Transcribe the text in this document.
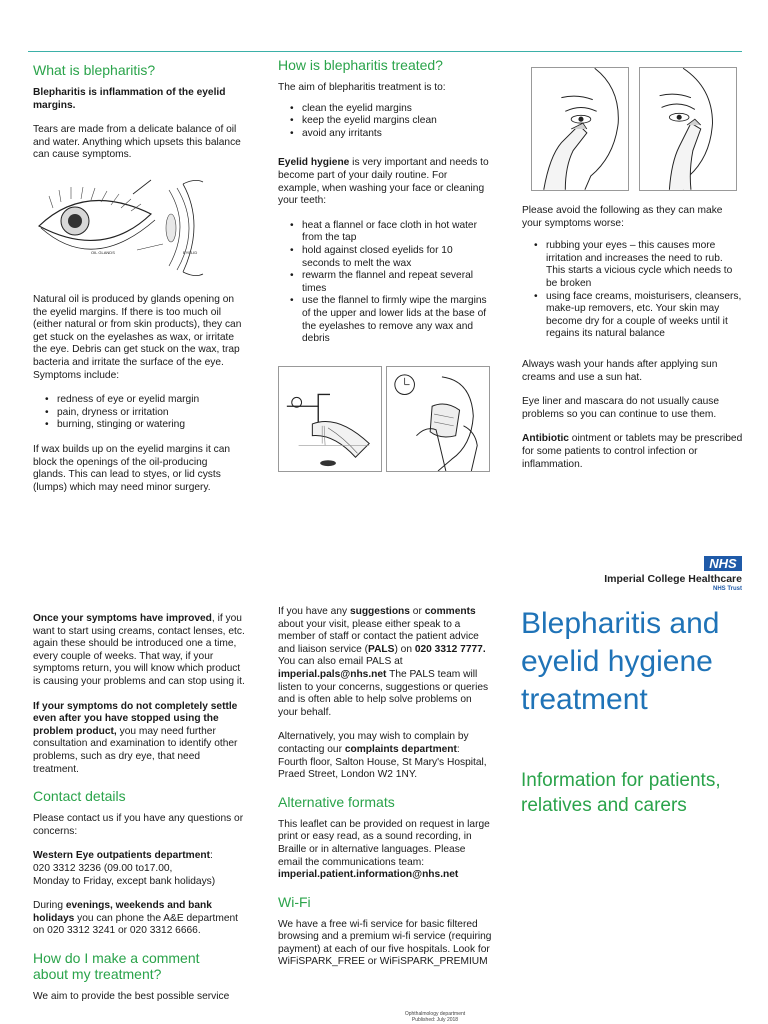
What is blepharitis?

Blepharitis is inflammation of the eyelid margins.

Tears are made from a delicate balance of oil and water. Anything which upsets this balance can cause symptoms.

OIL GLANDS	EYELID

Natural oil is produced by glands opening on the eyelid margins. If there is too much oil (either natural or from skin products), they can get stuck on the eyelashes as wax, or irritate the eye. Debris can get stuck on the wax, trap bacteria and irritate the surface of the eye. Symptoms include:

• redness of eye or eyelid margin
• pain, dryness or irritation
• burning, stinging or watering

If wax builds up on the eyelid margins it can block the openings of the oil-producing glands. This can lead to styes, or lid cysts (lumps) which may need minor surgery.

How is blepharitis treated?

The aim of blepharitis treatment is to:

• clean the eyelid margins
• keep the eyelid margins clean
• avoid any irritants

Eyelid hygiene is very important and needs to become part of your daily routine. For example, when washing your face or cleaning your teeth:

• heat a flannel or face cloth in hot water from the tap
• hold against closed eyelids for 10 seconds to melt the wax
• rewarm the flannel and repeat several times
• use the flannel to firmly wipe the margins of the upper and lower lids at the base of the eyelashes to remove any wax and debris

Please avoid the following as they can make your symptoms worse:

• rubbing your eyes – this causes more irritation and increases the need to rub. This starts a vicious cycle which needs to be broken
• using face creams, moisturisers, cleansers, make-up removers, etc. Your skin may become dry for a couple of weeks until it regains its natural balance

Always wash your hands after applying sun creams and use a sun hat.

Eye liner and mascara do not usually cause problems so you can continue to use them.

Antibiotic ointment or tablets may be prescribed for some patients to control infection or inflammation.

NHS
Imperial College Healthcare
NHS Trust

Once your symptoms have improved, if you want to start using creams, contact lenses, etc. again these should be introduced one a time, every couple of weeks. That way, if your symptoms return, you will know which product is causing your problems and can stop using it.

If your symptoms do not completely settle even after you have stopped using the problem product, you may need further consultation and examination to identify other problems, such as dry eye, that need treatment.

Contact details

Please contact us if you have any questions or concerns:

Western Eye outpatients department:
020 3312 3236 (09.00 to17.00,
Monday to Friday, except bank holidays)

During evenings, weekends and bank holidays you can phone the A&E department on 020 3312 3241 or 020 3312 6666.

How do I make a comment about my treatment?

We aim to provide the best possible service

If you have any suggestions or comments about your visit, please either speak to a member of staff or contact the patient advice and liaison service (PALS) on 020 3312 7777. You can also email PALS at imperial.pals@nhs.net The PALS team will listen to your concerns, suggestions or queries and is often able to help solve problems on your behalf.

Alternatively, you may wish to complain by contacting our complaints department: Fourth floor, Salton House, St Mary's Hospital, Praed Street, London W2 1NY.

Alternative formats

This leaflet can be provided on request in large print or easy read, as a sound recording, in Braille or in alternative languages. Please email the communications team:
imperial.patient.information@nhs.net

Wi-Fi

We have a free wi-fi service for basic filtered browsing and a premium wi-fi service (requiring payment) at each of our five hospitals. Look for WiFiSPARK_FREE or WiFiSPARK_PREMIUM

Blepharitis and eyelid hygiene treatment
Information for patients, relatives and carers
Ophthalmology department
Published: July 2018
